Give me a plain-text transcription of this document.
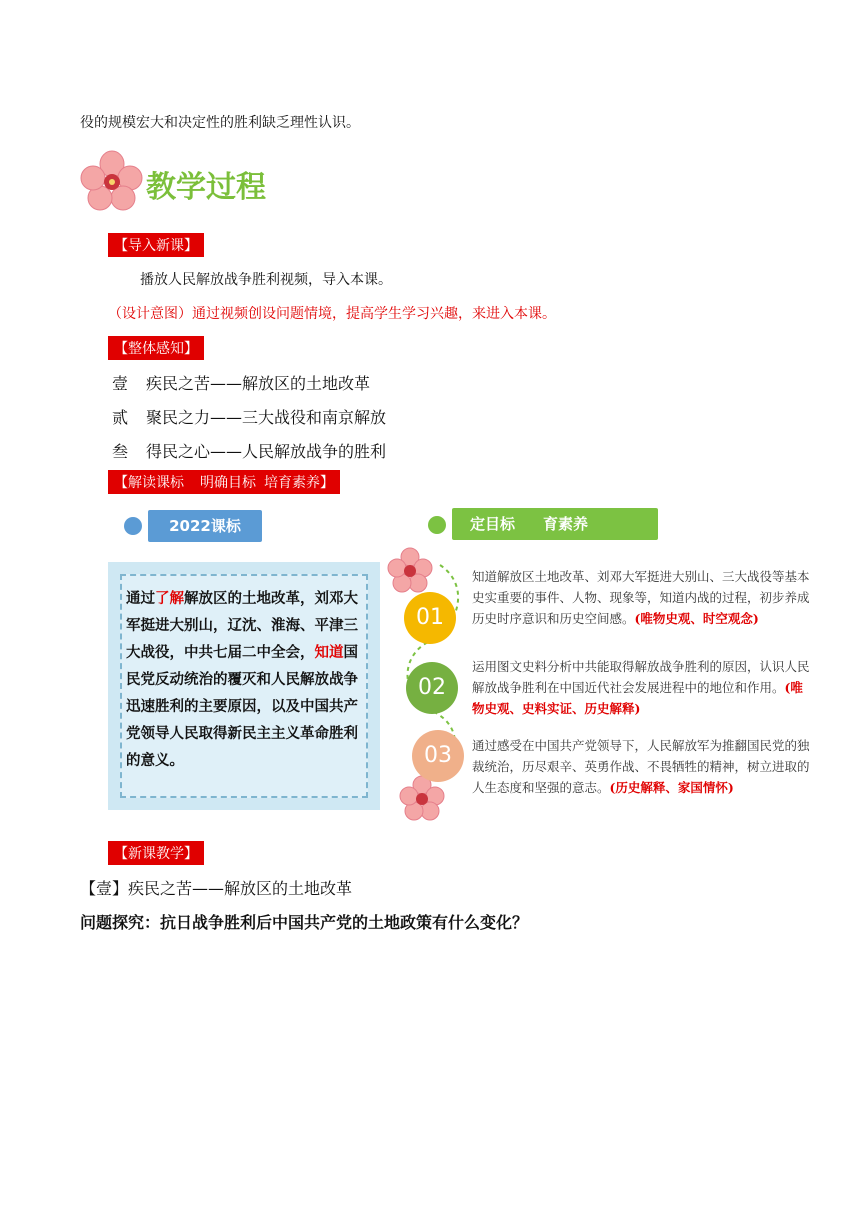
役的规模宏大和决定性的胜利缺乏理性认识。
教学过程
【导入新课】
播放人民解放战争胜利视频，导入本课。
（设计意图）通过视频创设问题情境，提高学生学习兴趣，来进入本课。
【整体感知】
壹 疾民之苦——解放区的土地改革
贰 聚民之力——三大战役和南京解放
叁 得民之心——人民解放战争的胜利
【解读课标 明确目标 培育素养】
2022课标	定目标 育素养
通过了解解放区的土地改革，刘邓大军挺进大别山，辽沈、淮海、平津三大战役，中共七届二中全会，知道国民党反动统治的覆灭和人民解放战争迅速胜利的主要原因，以及中国共产党领导人民取得新民主主义革命胜利的意义。
01
02
03
知道解放区土地改革、刘邓大军挺进大别山、三大战役等基本史实重要的事件、人物、现象等，知道内战的过程，初步养成历史时序意识和历史空间感。(唯物史观、时空观念)
运用图文史料分析中共能取得解放战争胜利的原因，认识人民解放战争胜利在中国近代社会发展进程中的地位和作用。(唯物史观、史料实证、历史解释)
通过感受在中国共产党领导下，人民解放军为推翻国民党的独裁统治，历尽艰辛、英勇作战、不畏牺牲的精神，树立进取的人生态度和坚强的意志。(历史解释、家国情怀)
【新课教学】
【壹】疾民之苦——解放区的土地改革
问题探究：抗日战争胜利后中国共产党的土地政策有什么变化？
